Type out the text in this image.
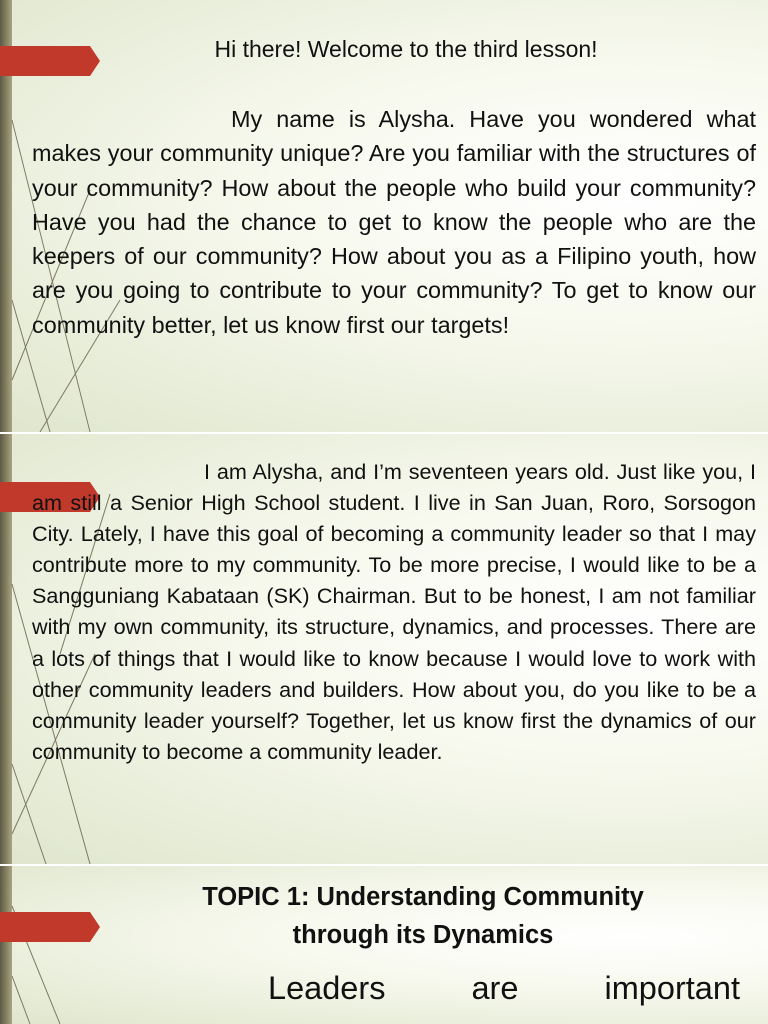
Hi there! Welcome to the third lesson!
My name is Alysha. Have you wondered what makes your community unique? Are you familiar with the structures of your community? How about the people who build your community? Have you had the chance to get to know the people who are the keepers of our community? How about you as a Filipino youth, how are you going to contribute to your community? To get to know our community better, let us know first our targets!
I am Alysha, and I’m seventeen years old. Just like you, I am still a Senior High School student. I live in San Juan, Roro, Sorsogon City. Lately, I have this goal of becoming a community leader so that I may contribute more to my community. To be more precise, I would like to be a Sangguniang Kabataan (SK) Chairman. But to be honest, I am not familiar with my own community, its structure, dynamics, and processes. There are a lots of things that I would like to know because I would love to work with other community leaders and builders. How about you, do you like to be a community leader yourself? Together, let us know first the dynamics of our community to become a community leader.
TOPIC 1: Understanding Community
through its Dynamics
Leaders	are	important
